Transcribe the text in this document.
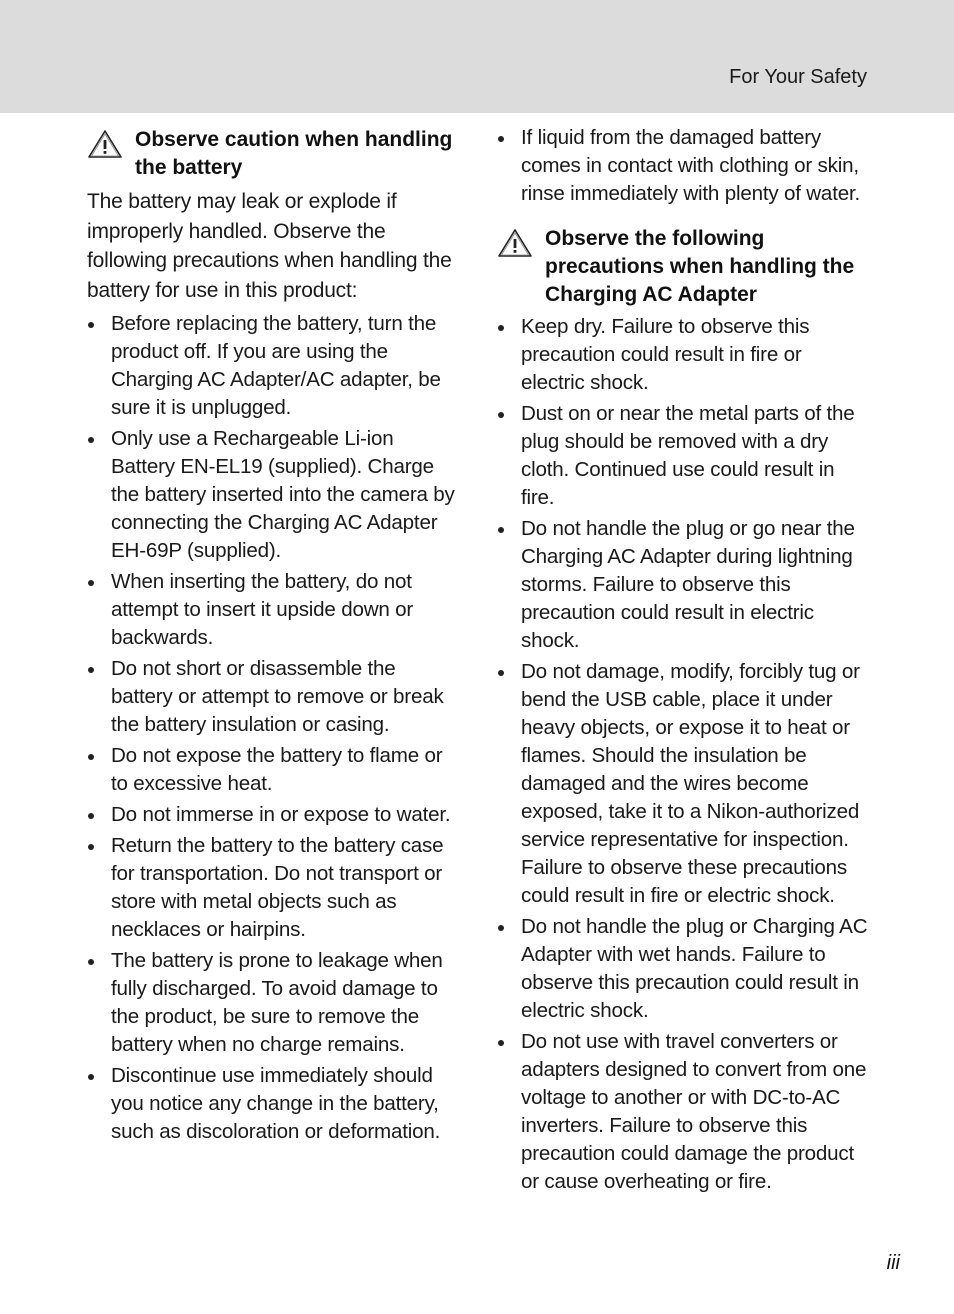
For Your Safety
Observe caution when handling the battery
The battery may leak or explode if improperly handled. Observe the following precautions when handling the battery for use in this product:
Before replacing the battery, turn the product off. If you are using the Charging AC Adapter/AC adapter, be sure it is unplugged.
Only use a Rechargeable Li-ion Battery EN-EL19 (supplied). Charge the battery inserted into the camera by connecting the Charging AC Adapter EH-69P (supplied).
When inserting the battery, do not attempt to insert it upside down or backwards.
Do not short or disassemble the battery or attempt to remove or break the battery insulation or casing.
Do not expose the battery to flame or to excessive heat.
Do not immerse in or expose to water.
Return the battery to the battery case for transportation. Do not transport or store with metal objects such as necklaces or hairpins.
The battery is prone to leakage when fully discharged. To avoid damage to the product, be sure to remove the battery when no charge remains.
Discontinue use immediately should you notice any change in the battery, such as discoloration or deformation.
If liquid from the damaged battery comes in contact with clothing or skin, rinse immediately with plenty of water.
Observe the following precautions when handling the Charging AC Adapter
Keep dry. Failure to observe this precaution could result in fire or electric shock.
Dust on or near the metal parts of the plug should be removed with a dry cloth. Continued use could result in fire.
Do not handle the plug or go near the Charging AC Adapter during lightning storms. Failure to observe this precaution could result in electric shock.
Do not damage, modify, forcibly tug or bend the USB cable, place it under heavy objects, or expose it to heat or flames. Should the insulation be damaged and the wires become exposed, take it to a Nikon-authorized service representative for inspection. Failure to observe these precautions could result in fire or electric shock.
Do not handle the plug or Charging AC Adapter with wet hands. Failure to observe this precaution could result in electric shock.
Do not use with travel converters or adapters designed to convert from one voltage to another or with DC-to-AC inverters. Failure to observe this precaution could damage the product or cause overheating or fire.
iii
